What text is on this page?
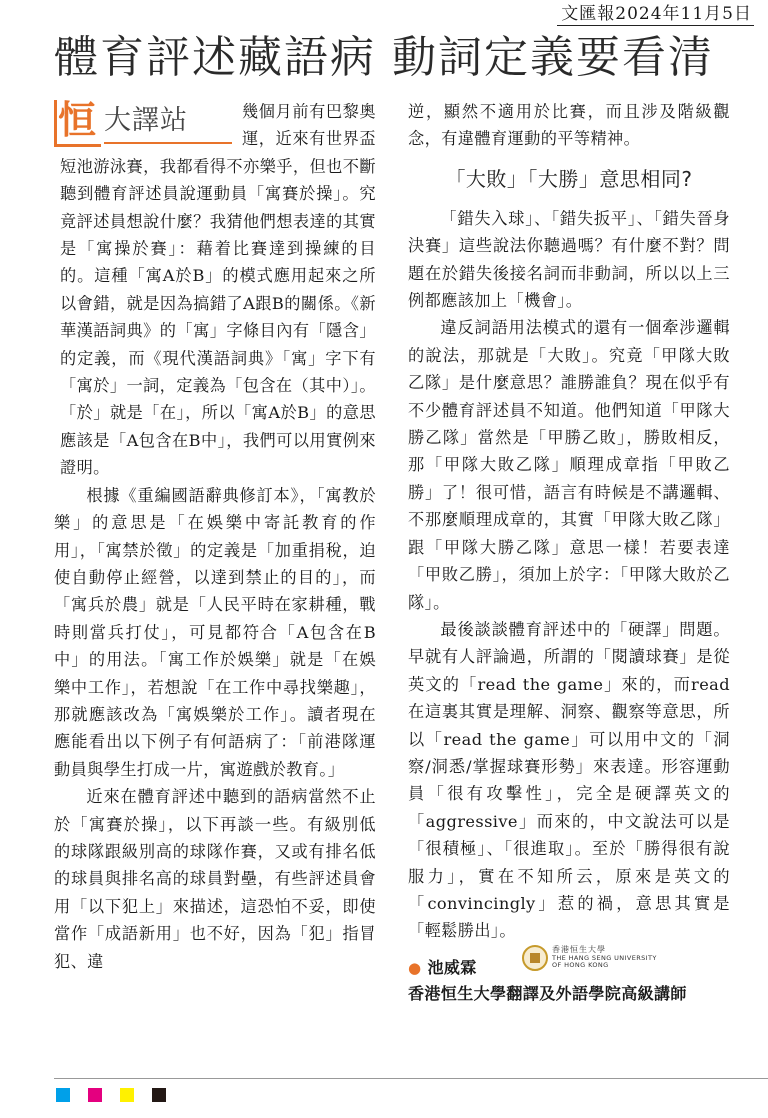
文匯報2024年11月5日
體育評述藏語病 動詞定義要看清
恒 大譯站	幾個月前有巴黎奧運，近來有世界盃短池游泳賽，我都看得不亦樂乎，但也不斷聽到體育評述員說運動員「寓賽於操」。究竟評述員想說什麼？我猜他們想表達的其實是「寓操於賽」：藉着比賽達到操練的目的。這種「寓A於B」的模式應用起來之所以會錯，就是因為搞錯了A跟B的關係。《新華漢語詞典》的「寓」字條目內有「隱含」的定義，而《現代漢語詞典》「寓」字下有「寓於」一詞，定義為「包含在（其中）」。「於」就是「在」，所以「寓A於B」的意思應該是「A包含在B中」，我們可以用實例來證明。

根據《重編國語辭典修訂本》，「寓教於樂」的意思是「在娛樂中寄託教育的作用」，「寓禁於徵」的定義是「加重捐稅，迫使自動停止經營，以達到禁止的目的」，而「寓兵於農」就是「人民平時在家耕種，戰時則當兵打仗」，可見都符合「A包含在B中」的用法。「寓工作於娛樂」就是「在娛樂中工作」，若想說「在工作中尋找樂趣」，那就應該改為「寓娛樂於工作」。讀者現在應能看出以下例子有何語病了：「前港隊運動員與學生打成一片，寓遊戲於教育。」

近來在體育評述中聽到的語病當然不止於「寓賽於操」，以下再談一些。有級別低的球隊跟級別高的球隊作賽，又或有排名低的球員與排名高的球員對壘，有些評述員會用「以下犯上」來描述，這恐怕不妥，即使當作「成語新用」也不好，因為「犯」指冒犯、違

逆，顯然不適用於比賽，而且涉及階級觀念，有違體育運動的平等精神。

「大敗」「大勝」意思相同?

「錯失入球」、「錯失扳平」、「錯失晉身決賽」這些說法你聽過嗎？有什麼不對？問題在於錯失後接名詞而非動詞，所以以上三例都應該加上「機會」。

違反詞語用法模式的還有一個牽涉邏輯的說法，那就是「大敗」。究竟「甲隊大敗乙隊」是什麼意思？誰勝誰負？現在似乎有不少體育評述員不知道。他們知道「甲隊大勝乙隊」當然是「甲勝乙敗」，勝敗相反，那「甲隊大敗乙隊」順理成章指「甲敗乙勝」了！很可惜，語言有時候是不講邏輯、不那麼順理成章的，其實「甲隊大敗乙隊」跟「甲隊大勝乙隊」意思一樣！若要表達「甲敗乙勝」，須加上於字：「甲隊大敗於乙隊」。

最後談談體育評述中的「硬譯」問題。早就有人評論過，所謂的「閱讀球賽」是從英文的「read the game」來的，而read在這裏其實是理解、洞察、觀察等意思，所以「read the game」可以用中文的「洞察/洞悉/掌握球賽形勢」來表達。形容運動員「很有攻擊性」，完全是硬譯英文的「aggressive」而來的，中文說法可以是「很積極」、「很進取」。至於「勝得很有說服力」，實在不知所云，原來是英文的「convincingly」惹的禍，意思其實是「輕鬆勝出」。

香港恒生大學
THE HANG SENG UNIVERSITY
OF HONG KONG
● 池威霖
香港恒生大學翻譯及外語學院高級講師
